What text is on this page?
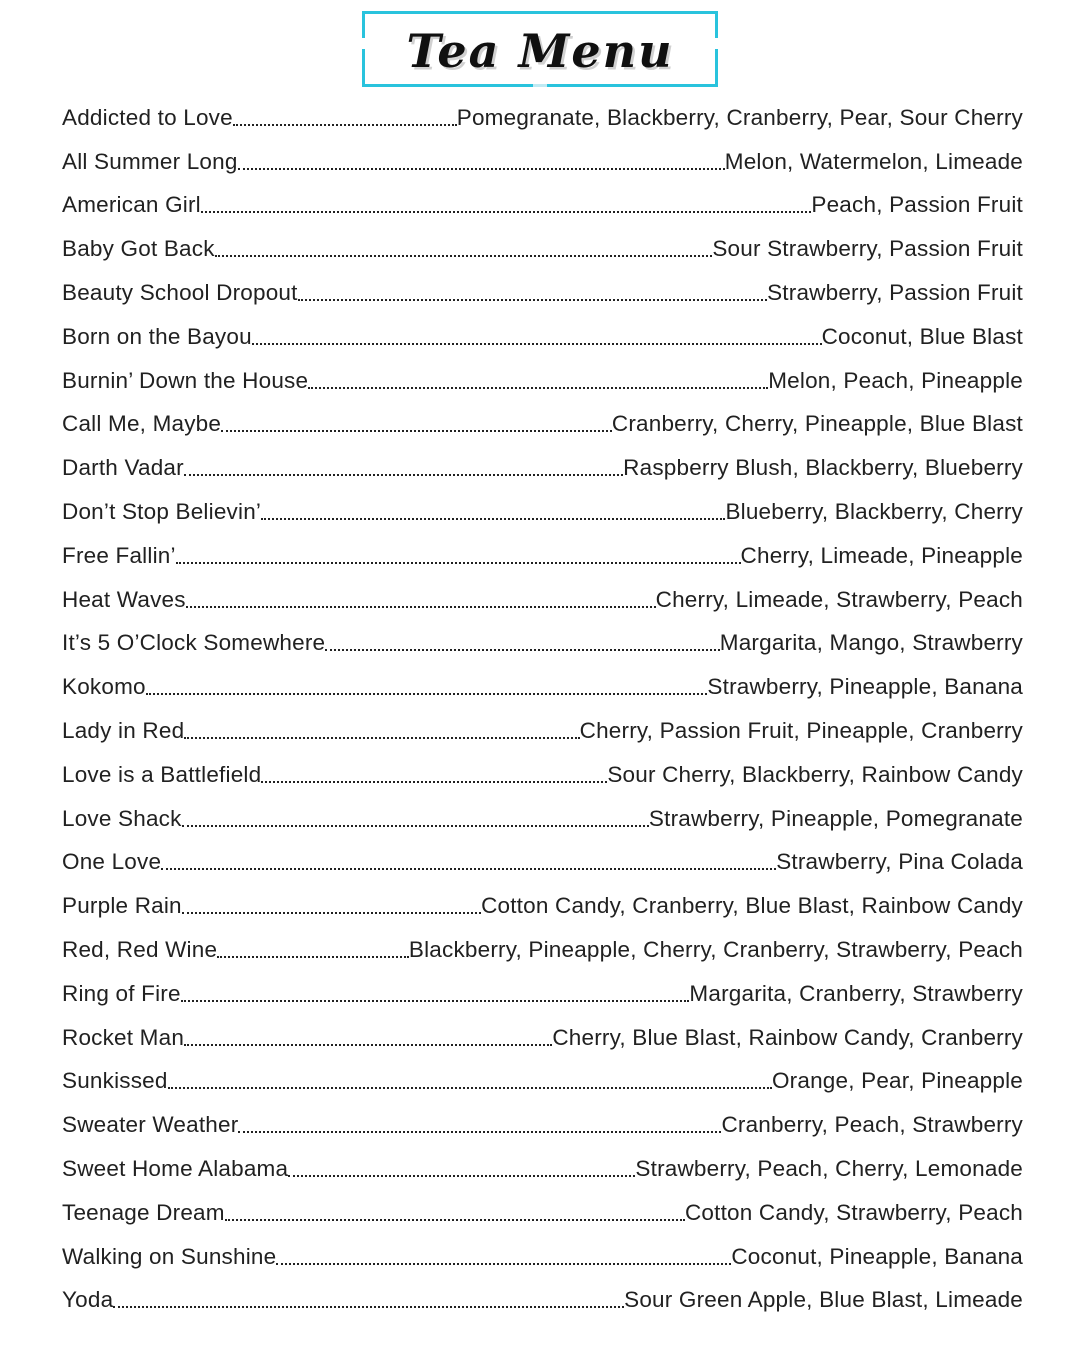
Tea Menu
Addicted to Love	Pomegranate, Blackberry, Cranberry, Pear, Sour Cherry
All Summer Long	Melon, Watermelon, Limeade
American Girl	Peach, Passion Fruit
Baby Got Back	Sour Strawberry, Passion Fruit
Beauty School Dropout	Strawberry, Passion Fruit
Born on the Bayou	Coconut, Blue Blast
Burnin’ Down the House	Melon, Peach, Pineapple
Call Me, Maybe	Cranberry, Cherry, Pineapple, Blue Blast
Darth Vadar	Raspberry Blush, Blackberry, Blueberry
Don’t Stop Believin’	Blueberry, Blackberry, Cherry
Free Fallin’	Cherry, Limeade, Pineapple
Heat Waves	Cherry, Limeade, Strawberry, Peach
It’s 5 O’Clock Somewhere	Margarita, Mango, Strawberry
Kokomo	Strawberry, Pineapple, Banana
Lady in Red	Cherry, Passion Fruit, Pineapple, Cranberry
Love is a Battlefield	Sour Cherry, Blackberry, Rainbow Candy
Love Shack	Strawberry, Pineapple, Pomegranate
One Love	Strawberry, Pina Colada
Purple Rain	Cotton Candy, Cranberry, Blue Blast, Rainbow Candy
Red, Red Wine	Blackberry, Pineapple, Cherry, Cranberry, Strawberry, Peach
Ring of Fire	Margarita, Cranberry, Strawberry
Rocket Man	Cherry, Blue Blast, Rainbow Candy, Cranberry
Sunkissed	Orange, Pear, Pineapple
Sweater Weather	Cranberry, Peach, Strawberry
Sweet Home Alabama	Strawberry, Peach, Cherry, Lemonade
Teenage Dream	Cotton Candy, Strawberry, Peach
Walking on Sunshine	Coconut, Pineapple, Banana
Yoda	Sour Green Apple, Blue Blast, Limeade
